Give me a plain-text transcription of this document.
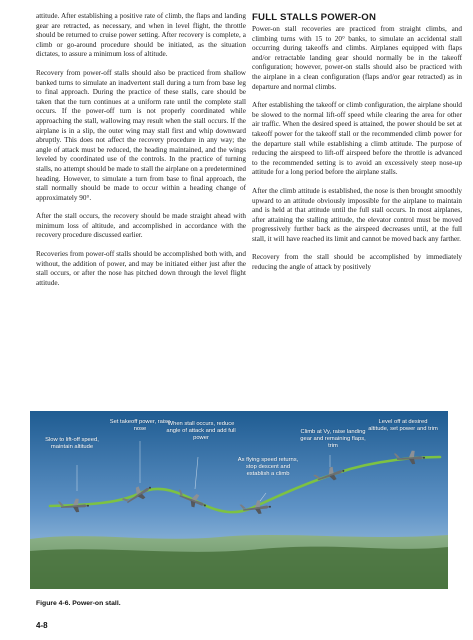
attitude. After establishing a positive rate of climb, the flaps and landing gear are retracted, as necessary, and when in level flight, the throttle should be returned to cruise power setting. After recovery is complete, a climb or go-around procedure should be initiated, as the situation dictates, to assure a minimum loss of altitude.

Recovery from power-off stalls should also be practiced from shallow banked turns to simulate an inadvertent stall during a turn from base leg to final approach. During the practice of these stalls, care should be taken that the turn continues at a uniform rate until the complete stall occurs. If the power-off turn is not properly coordinated while approaching the stall, wallowing may result when the stall occurs. If the airplane is in a slip, the outer wing may stall first and whip downward abruptly. This does not affect the recovery procedure in any way; the angle of attack must be reduced, the heading maintained, and the wings leveled by coordinated use of the controls. In the practice of turning stalls, no attempt should be made to stall the airplane on a predetermined heading. However, to simulate a turn from base to final approach, the stall normally should be made to occur within a heading change of approximately 90°.

After the stall occurs, the recovery should be made straight ahead with minimum loss of altitude, and accomplished in accordance with the recovery procedure discussed earlier.

Recoveries from power-off stalls should be accomplished both with, and without, the addition of power, and may be initiated either just after the stall occurs, or after the nose has pitched down through the level flight attitude.

FULL STALLS POWER-ON

Power-on stall recoveries are practiced from straight climbs, and climbing turns with 15 to 20° banks, to simulate an accidental stall occurring during takeoffs and climbs. Airplanes equipped with flaps and/or retractable landing gear should normally be in the takeoff configuration; however, power-on stalls should also be practiced with the airplane in a clean configuration (flaps and/or gear retracted) as in departure and normal climbs.

After establishing the takeoff or climb configuration, the airplane should be slowed to the normal lift-off speed while clearing the area for other air traffic. When the desired speed is attained, the power should be set at takeoff power for the takeoff stall or the recommended climb power for the departure stall while establishing a climb attitude. The purpose of reducing the airspeed to lift-off airspeed before the throttle is advanced to the recommended setting is to avoid an excessively steep nose-up attitude for a long period before the airplane stalls.

After the climb attitude is established, the nose is then brought smoothly upward to an attitude obviously impossible for the airplane to maintain and is held at that attitude until the full stall occurs. In most airplanes, after attaining the stalling attitude, the elevator control must be moved progressively further back as the airspeed decreases until, at the full stall, it will have reached its limit and cannot be moved back any farther.

Recovery from the stall should be accomplished by immediately reducing the angle of attack by positively

Slow to lift-off speed, maintain altitude
Set takeoff power, raise nose
When stall occurs, reduce angle of attack and add full power
As flying speed returns, stop descent and establish a climb
Climb at Vy, raise landing gear and remaining flaps, trim
Level off at desired altitude, set power and trim
Figure 4-6. Power-on stall.
4-8
